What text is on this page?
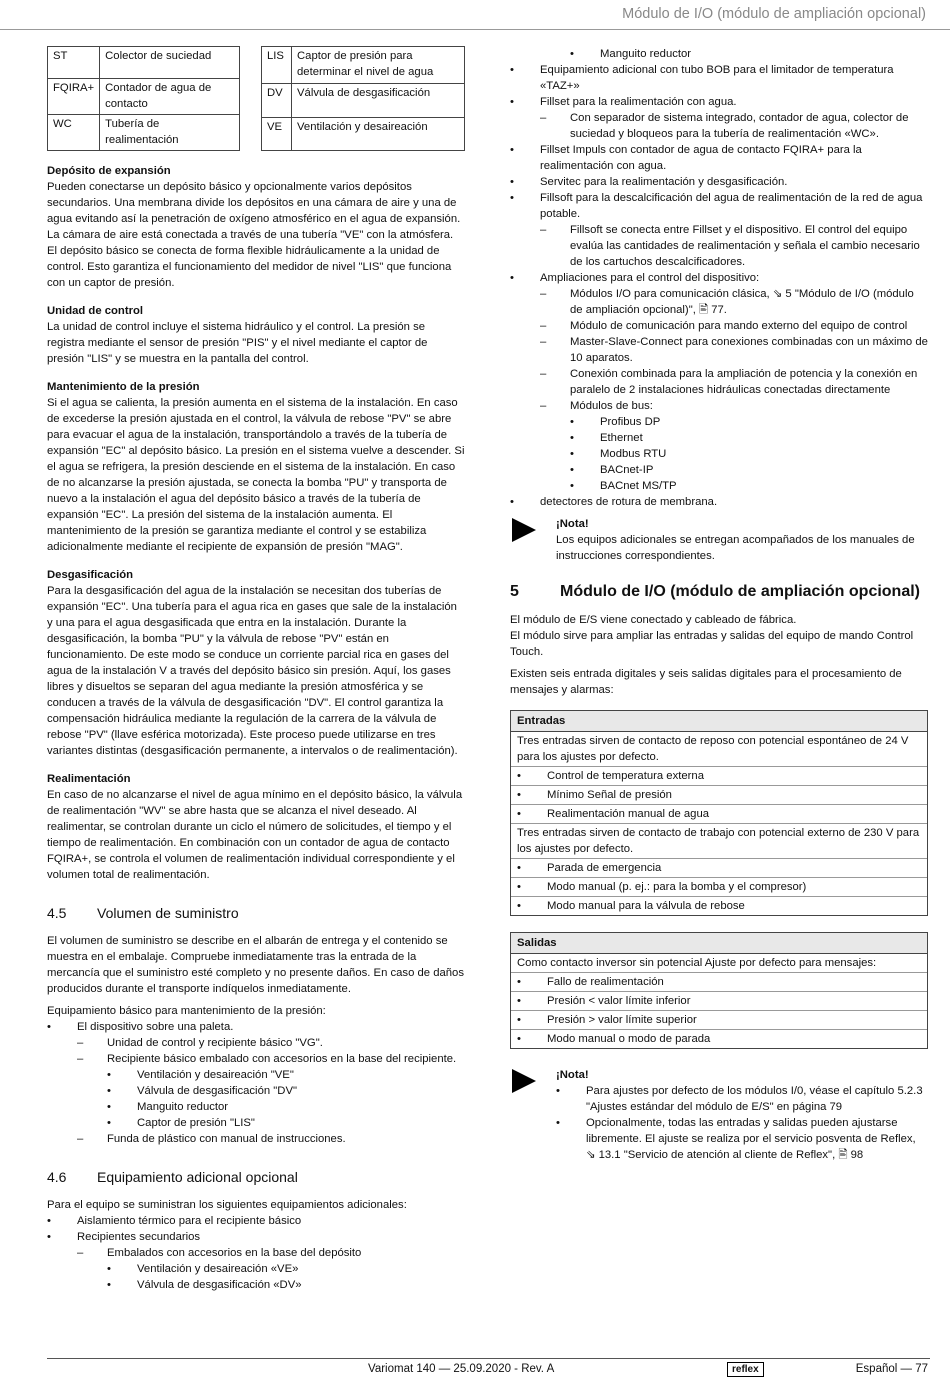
Módulo de I/O (módulo de ampliación opcional)
ST	Colector de suciedad
FQIRA+	Contador de agua de contacto
WC	Tubería de realimentación
LIS	Captor de presión para determinar el nivel de agua
DV	Válvula de desgasificación
VE	Ventilación y desaireación
Depósito de expansión

Pueden conectarse un depósito básico y opcionalmente varios depósitos secundarios. Una membrana divide los depósitos en una cámara de aire y una de agua evitando así la penetración de oxígeno atmosférico en el agua de expansión. La cámara de aire está conectada a través de una tubería "VE" con la atmósfera. El depósito básico se conecta de forma flexible hidráulicamente a la unidad de control. Esto garantiza el funcionamiento del medidor de nivel "LIS" que funciona con un captor de presión.

Unidad de control

La unidad de control incluye el sistema hidráulico y el control. La presión se registra mediante el sensor de presión "PIS" y el nivel mediante el captor de presión "LIS" y se muestra en la pantalla del control.

Mantenimiento de la presión

Si el agua se calienta, la presión aumenta en el sistema de la instalación. En caso de excederse la presión ajustada en el control, la válvula de rebose "PV" se abre para evacuar el agua de la instalación, transportándolo a través de la tubería de expansión "EC" al depósito básico. La presión en el sistema vuelve a descender. Si el agua se refrigera, la presión desciende en el sistema de la instalación. En caso de no alcanzarse la presión ajustada, se conecta la bomba "PU" y transporta de nuevo a la instalación el agua del depósito básico a través de la tubería de expansión "EC". La presión del sistema de la instalación aumenta. El mantenimiento de la presión se garantiza mediante el control y se estabiliza adicionalmente mediante el recipiente de expansión de presión "MAG".

Desgasificación

Para la desgasificación del agua de la instalación se necesitan dos tuberías de expansión "EC". Una tubería para el agua rica en gases que sale de la instalación y una para el agua desgasificada que entra en la instalación. Durante la desgasificación, la bomba "PU" y la válvula de rebose "PV" están en funcionamiento. De este modo se conduce un corriente parcial rica en gases del agua de la instalación V a través del depósito básico sin presión. Aquí, los gases libres y disueltos se separan del agua mediante la presión atmosférica y se conducen a través de la válvula de desgasificación "DV". El control garantiza la compensación hidráulica mediante la regulación de la carrera de la válvula de rebose "PV" (llave esférica motorizada). Este proceso puede utilizarse en tres variantes distintas (desgasificación permanente, a intervalos o de realimentación).

Realimentación

En caso de no alcanzarse el nivel de agua mínimo en el depósito básico, la válvula de realimentación "WV" se abre hasta que se alcanza el nivel deseado. Al realimentar, se controlan durante un ciclo el número de solicitudes, el tiempo y el tiempo de realimentación. En combinación con un contador de agua de contacto FQIRA+, se controla el volumen de realimentación individual correspondiente y el volumen total de realimentación.

4.5	Volumen de suministro

El volumen de suministro se describe en el albarán de entrega y el contenido se muestra en el embalaje. Compruebe inmediatamente tras la entrada de la mercancía que el suministro esté completo y no presente daños. En caso de daños producidos durante el transporte indíquelos inmediatamente.

Equipamiento básico para mantenimiento de la presión:

• El dispositivo sobre una paleta.
– Unidad de control y recipiente básico "VG".
– Recipiente básico embalado con accesorios en la base del recipiente.
• Ventilación y desaireación "VE"
• Válvula de desgasificación "DV"
• Manguito reductor
• Captor de presión "LIS"
– Funda de plástico con manual de instrucciones.
4.6	Equipamiento adicional opcional

Para el equipo se suministran los siguientes equipamientos adicionales:

• Aislamiento térmico para el recipiente básico
• Recipientes secundarios
– Embalados con accesorios en la base del depósito
• Ventilación y desaireación «VE»
• Válvula de desgasificación «DV»
• Manguito reductor
• Equipamiento adicional con tubo BOB para el limitador de temperatura «TAZ+»
• Fillset para la realimentación con agua.
– Con separador de sistema integrado, contador de agua, colector de suciedad y bloqueos para la tubería de realimentación «WC».
• Fillset Impuls con contador de agua de contacto FQIRA+ para la realimentación con agua.
• Servitec para la realimentación y desgasificación.
• Fillsoft para la descalcificación del agua de realimentación de la red de agua potable.
– Fillsoft se conecta entre Fillset y el dispositivo. El control del equipo evalúa las cantidades de realimentación y señala el cambio necesario de los cartuchos descalcificadores.
• Ampliaciones para el control del dispositivo:
– Módulos I/O para comunicación clásica, ⇘ 5 "Módulo de I/O (módulo de ampliación opcional)", 🖹 77.
– Módulo de comunicación para mando externo del equipo de control
– Master-Slave-Connect para conexiones combinadas con un máximo de 10 aparatos.
– Conexión combinada para la ampliación de potencia y la conexión en paralelo de 2 instalaciones hidráulicas conectadas directamente
– Módulos de bus:
• Profibus DP
• Ethernet
• Modbus RTU
• BACnet-IP
• BACnet MS/TP
• detectores de rotura de membrana.
¡Nota!
Los equipos adicionales se entregan acompañados de los manuales de instrucciones correspondientes.
5	Módulo de I/O (módulo de ampliación opcional)
El módulo de E/S viene conectado y cableado de fábrica.

El módulo sirve para ampliar las entradas y salidas del equipo de mando Control Touch.

Existen seis entrada digitales y seis salidas digitales para el procesamiento de mensajes y alarmas:

Entradas
Tres entradas sirven de contacto de reposo con potencial espontáneo de 24 V para los ajustes por defecto.
• Control de temperatura externa
• Mínimo Señal de presión
• Realimentación manual de agua
Tres entradas sirven de contacto de trabajo con potencial externo de 230 V para los ajustes por defecto.
• Parada de emergencia
• Modo manual (p. ej.: para la bomba y el compresor)
• Modo manual para la válvula de rebose
Salidas
Como contacto inversor sin potencial Ajuste por defecto para mensajes:
• Fallo de realimentación
• Presión < valor límite inferior
• Presión > valor límite superior
• Modo manual o modo de parada
¡Nota!
• Para ajustes por defecto de los módulos I/0, véase el capítulo 5.2.3 "Ajustes estándar del módulo de E/S" en página 79
• Opcionalmente, todas las entradas y salidas pueden ajustarse libremente. El ajuste se realiza por el servicio posventa de Reflex, ⇘ 13.1 "Servicio de atención al cliente de Reflex", 🖹 98
Variomat 140 — 25.09.2020 - Rev. A	reflex	Español — 77
